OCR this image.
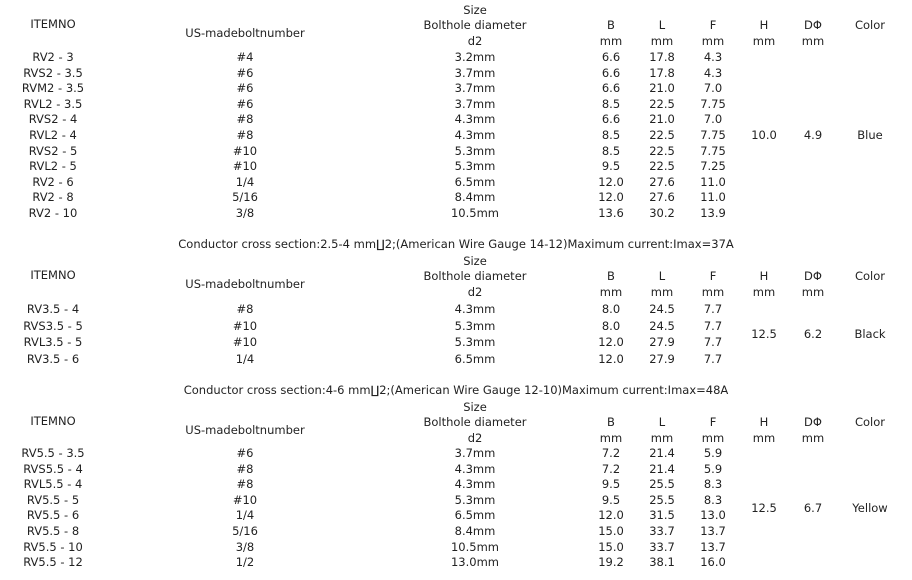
Size
ITEMNO	Bolthole diameter	B	L	F	H	DΦ	Color
US-madeboltnumber
d2	mm	mm	mm	mm	mm
RV2 - 3	#4	3.2mm	6.6	17.8	4.3
RVS2 - 3.5	#6	3.7mm	6.6	17.8	4.3
RVM2 - 3.5	#6	3.7mm	6.6	21.0	7.0
RVL2 - 3.5	#6	3.7mm	8.5	22.5	7.75
RVS2 - 4	#8	4.3mm	6.6	21.0	7.0
RVL2 - 4	#8	4.3mm	8.5	22.5	7.75
RVS2 - 5	#10	5.3mm	8.5	22.5	7.75
RVL2 - 5	#10	5.3mm	9.5	22.5	7.25
RV2 - 6	1/4	6.5mm	12.0	27.6	11.0
RV2 - 8	5/16	8.4mm	12.0	27.6	11.0
RV2 - 10	3/8	10.5mm	13.6	30.2	13.9
10.0	4.9	Blue
Conductor cross section:2.5-4 mm∐2;(American Wire Gauge 14-12)Maximum current:Imax=37A
Size
ITEMNO	Bolthole diameter	B	L	F	H	DΦ	Color
US-madeboltnumber
d2	mm	mm	mm	mm	mm
RV3.5 - 4	#8	4.3mm	8.0	24.5	7.7
RVS3.5 - 5	#10	5.3mm	8.0	24.5	7.7
RVL3.5 - 5	#10	5.3mm	12.0	27.9	7.7
RV3.5 - 6	1/4	6.5mm	12.0	27.9	7.7
12.5	6.2	Black
Conductor cross section:4-6 mm∐2;(American Wire Gauge 12-10)Maximum current:Imax=48A
Size
ITEMNO	Bolthole diameter	B	L	F	H	DΦ	Color
US-madeboltnumber
d2	mm	mm	mm	mm	mm
RV5.5 - 3.5	#6	3.7mm	7.2	21.4	5.9
RVS5.5 - 4	#8	4.3mm	7.2	21.4	5.9
RVL5.5 - 4	#8	4.3mm	9.5	25.5	8.3
RV5.5 - 5	#10	5.3mm	9.5	25.5	8.3
RV5.5 - 6	1/4	6.5mm	12.0	31.5	13.0
RV5.5 - 8	5/16	8.4mm	15.0	33.7	13.7
RV5.5 - 10	3/8	10.5mm	15.0	33.7	13.7
RV5.5 - 12	1/2	13.0mm	19.2	38.1	16.0
12.5	6.7	Yellow
